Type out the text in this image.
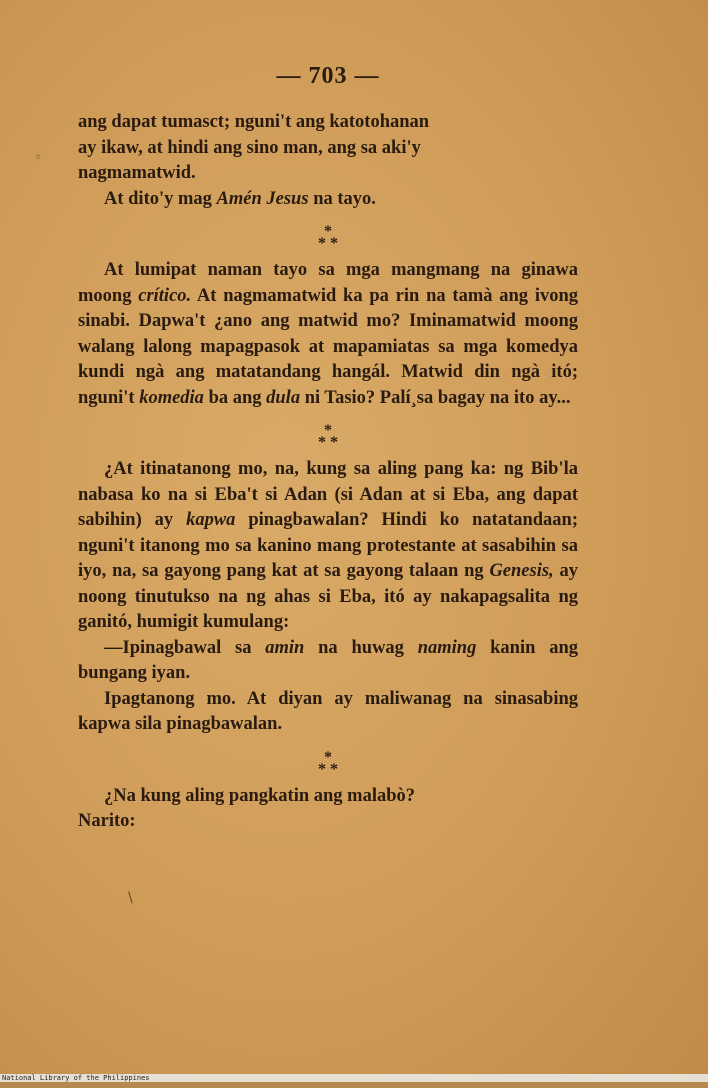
◦
\
— 703 —

ang dapat tumasct; nguni't ang katotohanan
ay ikaw, at hindi ang sino man, ang sa aki'y
nagmamatwid.

At dito'y mag Amén Jesus na tayo.

*
* *

At lumipat naman tayo sa mga mangmang na ginawa moong crítico. At nagmamatwid ka pa rin na tamà ang ivong sinabi. Dapwa't ¿ano ang matwid mo? Iminamatwid moong walang lalong mapagpasok at mapamiatas sa mga komedya kundi ngà ang matatandang hangál. Matwid din ngà itó; nguni't komedia ba ang dula ni Tasio? Palí¸sa bagay na ito ay...

*
* *

¿At itinatanong mo, na, kung sa aling pang ka: ng Bib'la nabasa ko na si Eba't si Adan (si Adan at si Eba, ang dapat sabihin) ay kapwa pinagbawalan? Hindi ko natatandaan; nguni't itanong mo sa kanino mang protestante at sasabihin sa iyo, na, sa gayong pang kat at sa gayong talaan ng Genesis, ay noong tinutukso na ng ahas si Eba, itó ay nakapagsalita ng ganitó, humigit kumulang:

—Ipinagbawal sa amin na huwag naming kanin ang bungang iyan.

Ipagtanong mo. At diyan ay maliwanag na sinasabing kapwa sila pinagbawalan.

*
* *

¿Na kung aling pangkatin ang malabò?

Narito:

National Library of the Philippines
